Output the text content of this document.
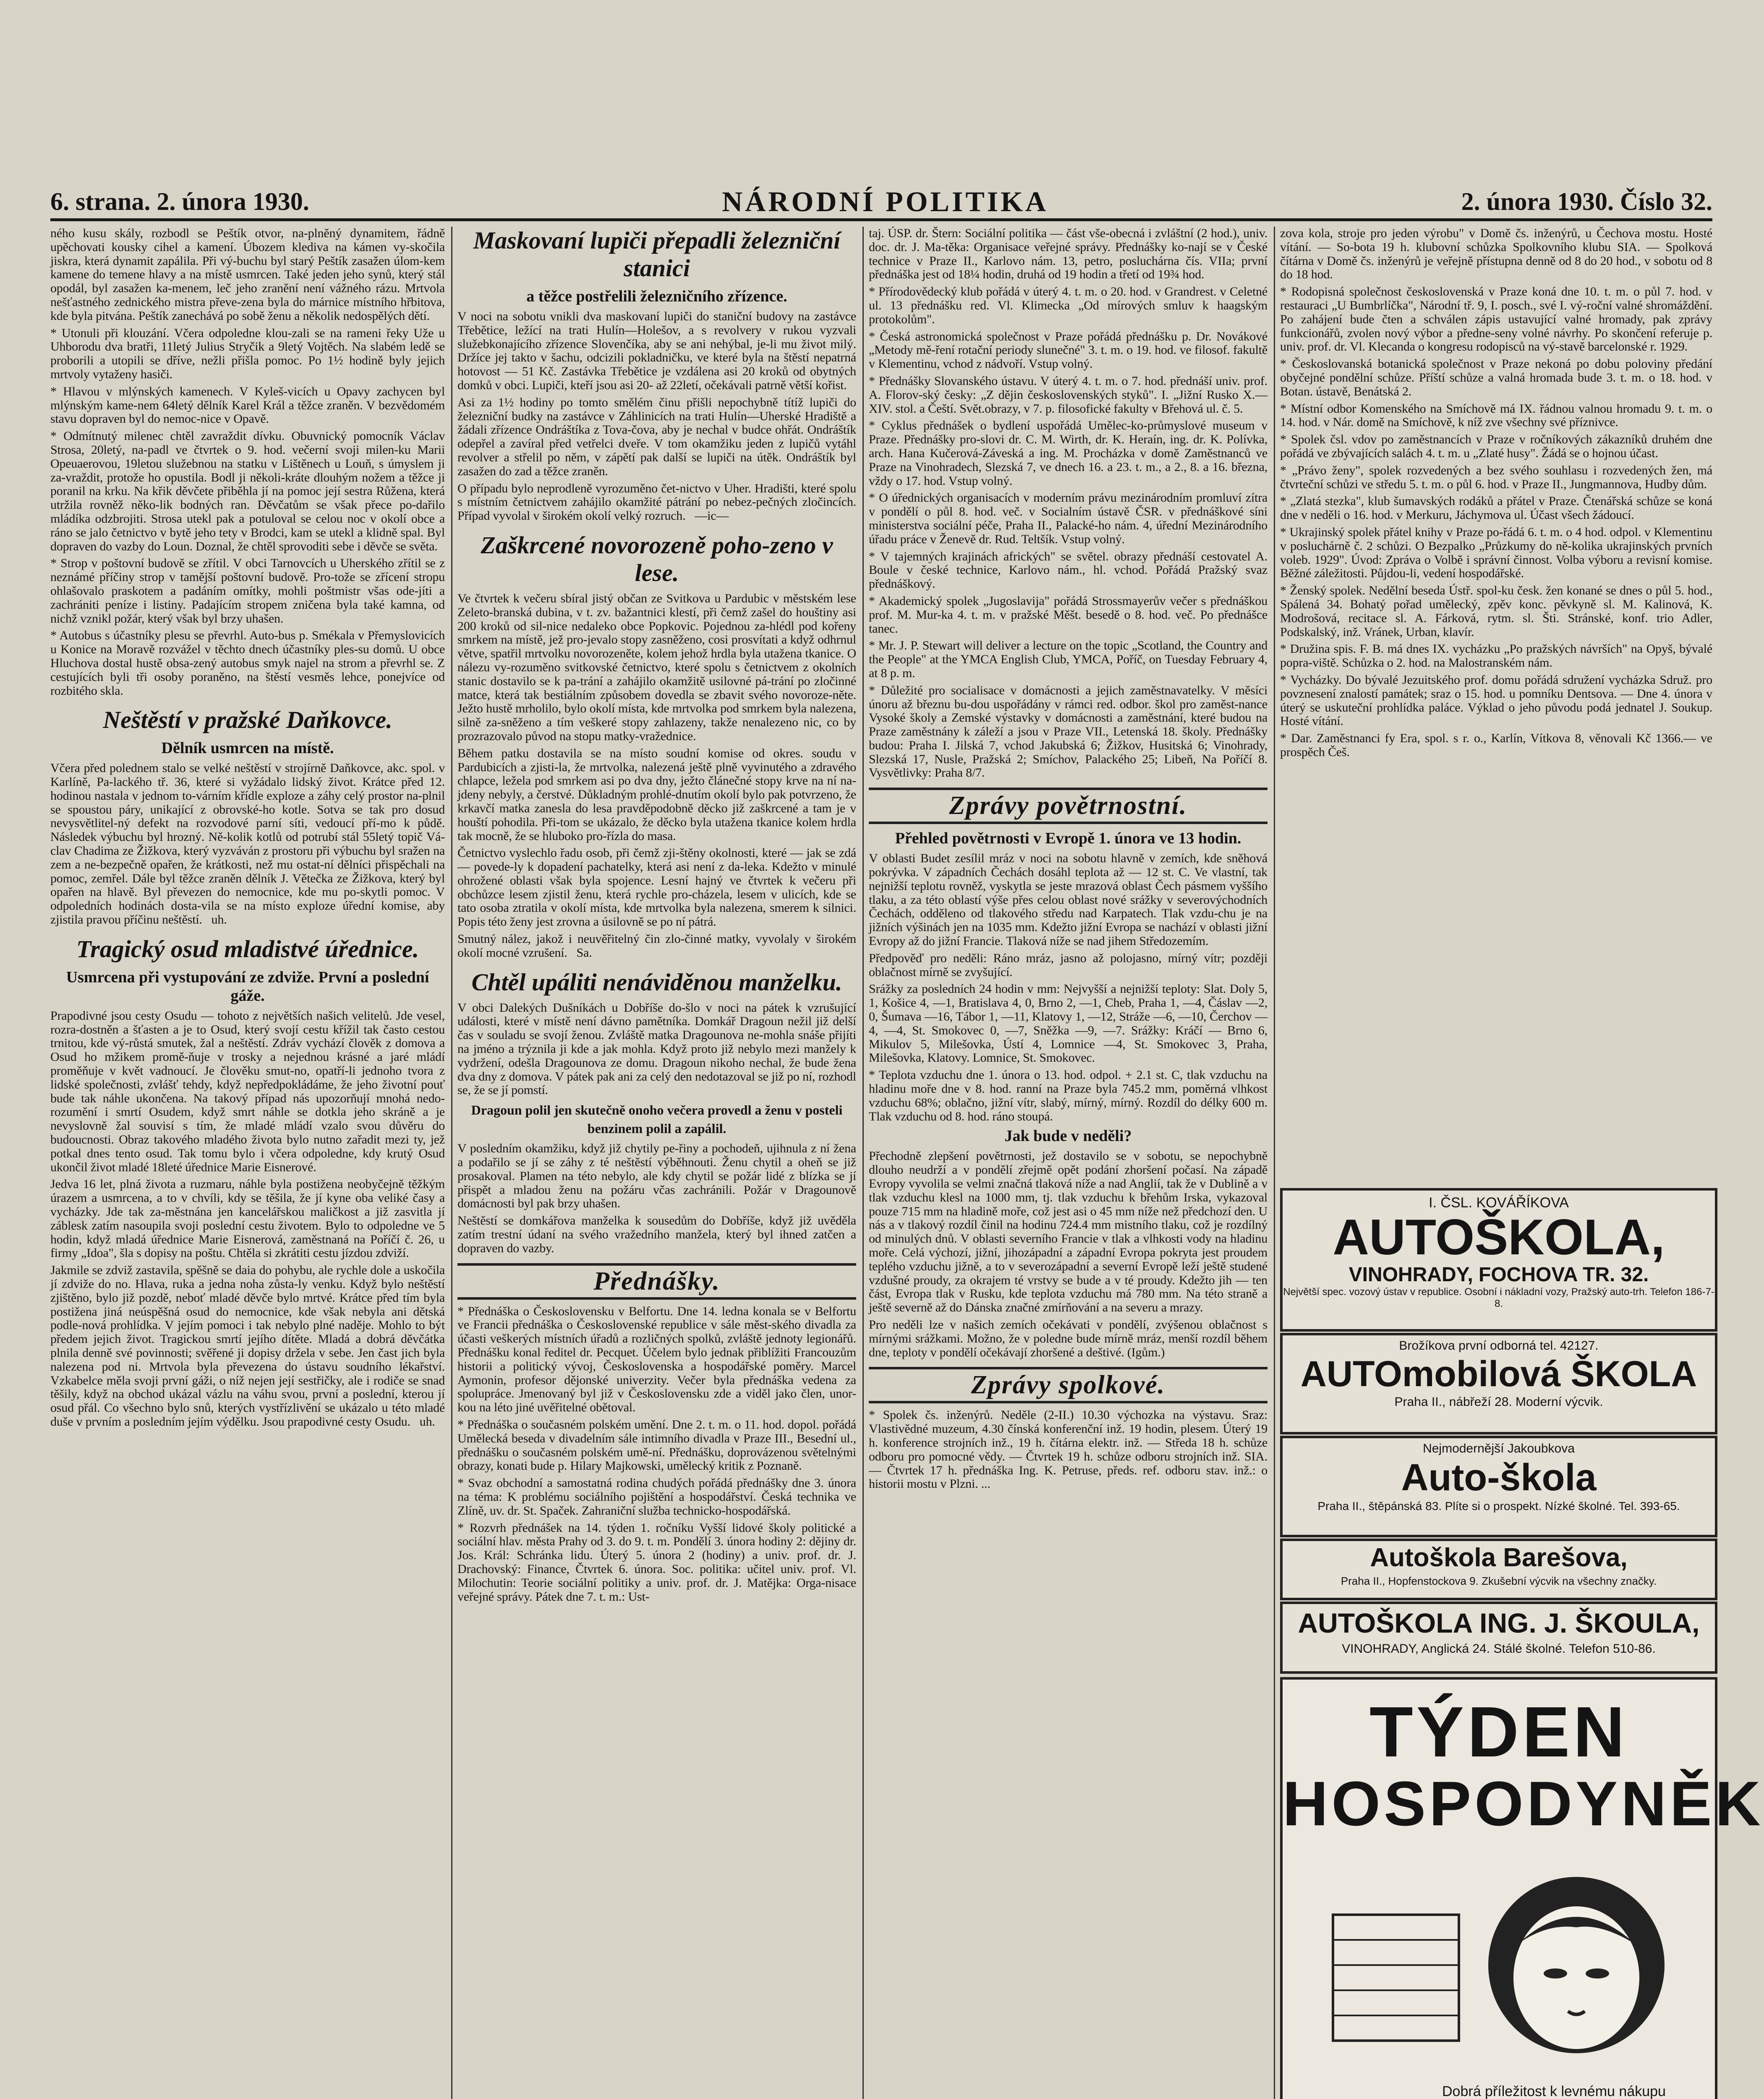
6. strana. 2. února 1930.	NÁRODNÍ POLITIKA	2. února 1930. Číslo 32.

ného kusu skály, rozbodl se Peštík otvor, na-plněný dynamitem, řádně upěchovati kousky cihel a kamení. Úbozem klediva na kámen vy-skočila jiskra, která dynamit zapálila. Při vý-buchu byl starý Peštík zasažen úlom-kem kamene do temene hlavy a na místě usmrcen. Také jeden jeho synů, který stál opodál, byl zasažen ka-menem, leč jeho zranění není vážného rázu. Mrtvola nešťastného zednického mistra převe-zena byla do márnice místního hřbitova, kde byla pitvána. Peštík zanechává po sobě ženu a několik nedospělých dětí.

* Utonuli při klouzání. Včera odpoledne klou-zali se na rameni řeky Uže u Uhborodu dva bratři, 11letý Julius Stryčik a 9letý Vojtěch. Na slabém ledě se proborili a utopili se dříve, nežli přišla pomoc. Po 1½ hodině byly jejich mrtvoly vytaženy hasiči.

* Hlavou v mlýnských kamenech. V Kyleš-vicích u Opavy zachycen byl mlýnským kame-nem 64letý dělník Karel Král a těžce zraněn. V bezvědomém stavu dopraven byl do nemoc-nice v Opavě.

* Odmítnutý milenec chtěl zavraždit dívku. Obuvnický pomocník Václav Strosa, 20letý, na-padl ve čtvrtek o 9. hod. večerní svoji milen-ku Marii Opeuaerovou, 19letou služebnou na statku v Lištěnech u Louň, s úmyslem ji za-vraždit, protože ho opustila. Bodl ji několi-kráte dlouhým nožem a těžce ji poranil na krku. Na křik děvčete přiběhla jí na pomoc její sestra Růžena, která utržila rovněž něko-lik bodných ran. Děvčatům se však přece po-dařilo mládíka odzbrojiti. Strosa utekl pak a potuloval se celou noc v okolí obce a ráno se jalo četnictvo v bytě jeho tety v Brodci, kam se utekl a klidně spal. Byl dopraven do vazby do Loun. Doznal, že chtěl sprovoditi sebe i děvče se světa.

* Strop v poštovní budově se zřítil. V obci Tarnovcích u Uherského zřítil se z neznámé příčiny strop v tamější poštovní budově. Pro-tože se zřícení stropu ohlašovalo praskotem a padáním omítky, mohli poštmistr všas ode-jíti a zachrániti peníze i listiny. Padajícím stropem zničena byla také kamna, od nichž vznikl požár, který však byl brzy uhašen.

* Autobus s účastníky plesu se převrhl. Auto-bus p. Smékala v Přemyslovicích u Konice na Moravě rozvážel v těchto dnech účastníky ples-su domů. U obce Hluchova dostal hustě obsa-zený autobus smyk najel na strom a převrhl se. Z cestujících byli tři osoby poraněno, na štěstí vesměs lehce, ponejvíce od rozbitého skla.

Neštěstí v pražské Daňkovce.
Dělník usmrcen na místě.

Včera před polednem stalo se velké neštěstí v strojírně Daňkovce, akc. spol. v Karlíně, Pa-lackého tř. 36, které si vyžádalo lidský život. Krátce před 12. hodinou nastala v jednom to-várním křídle exploze a záhy celý prostor na-plnil se spoustou páry, unikající z obrovské-ho kotle. Sotva se tak pro dosud nevysvětlitel-ný defekt na rozvodové parní síti, vedoucí pří-mo k půdě. Následek výbuchu byl hrozný. Ně-kolik kotlů od potrubí stál 55letý topič Vá-clav Chadima ze Žižkova, který vyzváván z prostoru při výbuchu byl sražen na zem a ne-bezpečně opařen, že krátkosti, než mu ostat-ní dělníci přispěchali na pomoc, zemřel. Dále byl těžce zraněn dělník J. Větečka ze Žižkova, který byl opařen na hlavě. Byl převezen do nemocnice, kde mu po-skytli pomoc. V odpoledních hodinách dosta-vila se na místo exploze úřední komise, aby zjistila pravou příčinu neštěstí.   uh.

Tragický osud mladistvé úřednice.
Usmrcena při vystupování ze zdviže. První a poslední gáže.

Prapodivné jsou cesty Osudu — tohoto z největších našich velitelů. Jde vesel, rozra-dostněn a šťasten a je to Osud, který svojí cestu křížil tak často cestou trnitou, kde vý-růstá smutek, žal a neštěstí. Zdráv vychází člověk z domova a Osud ho mžikem promě-ňuje v trosky a nejednou krásné a jaré mládí proměňuje v květ vadnoucí. Je člověku smut-no, opatří-li jednoho tvora z lidské společnosti, zvlášť tehdy, když nepředpokládáme, že jeho životní pouť bude tak náhle ukončena. Na takový případ nás upozorňují mnohá nedo-rozumění i smrtí Osudem, když smrt náhle se dotkla jeho skráně a je nevyslovně žal souvisí s tím, že mladé mládí vzalo svou důvěru do budoucnosti. Obraz takového mladého života bylo nutno zařadit mezi ty, jež potkal dnes tento osud. Tak tomu bylo i včera odpoledne, kdy krutý Osud ukončil život mladé 18leté úřednice Marie Eisnerové.

Jedva 16 let, plná života a ruzmaru, náhle byla postižena neobyčejně těžkým úrazem a usmrcena, a to v chvíli, kdy se těšila, že jí kyne oba veliké časy a vycházky. Jde tak za-městnána jen kancelářskou maličkost a již zasvitla jí záblesk zatím nasoupila svoji poslední cestu životem. Bylo to odpoledne ve 5 hodin, když mladá úřednice Marie Eisnerová, zaměstnaná na Poříčí č. 26, u firmy „Idoa", šla s dopisy na poštu. Chtěla si zkrátiti cestu jízdou zdviží.

Jakmile se zdviž zastavila, spěšně se daia do pohybu, ale rychle dole a uskočila jí zdviže do no. Hlava, ruka a jedna noha zůsta-ly venku. Když bylo neštěstí zjištěno, bylo již pozdě, neboť mladé děvče bylo mrtvé. Krátce před tím byla postižena jiná neúspěšná osud do nemocnice, kde však nebyla ani dětská podle-nová prohlídka. V jejím pomoci i tak nebylo plné naděje. Mohlo to být předem jejich život. Tragickou smrtí jejího dítěte. Mladá a dobrá děvčátka plnila denně své povinnosti; svěřené ji dopisy držela v sebe. Jen čast jich byla nalezena pod ni. Mrtvola byla převezena do ústavu soudního lékařství. Vzkabelce měla svoji první gáži, o níž nejen její sestřičky, ale i rodiče se snad těšily, když na obchod ukázal vázlu na váhu svou, první a poslední, kterou jí osud přál. Co všechno bylo snů, kterých vystřízlivění se ukázalo u této mladé duše v prvním a posledním jejím výdělku. Jsou prapodivné cesty Osudu.   uh.

Maskovaní lupiči přepadli železniční stanici
a těžce postřelili železničního zřízence.

V noci na sobotu vnikli dva maskovaní lupiči do staniční budovy na zastávce Třebětice, ležící na trati Hulín—Holešov, a s revolvery v rukou vyzvali služebkonajícího zřízence Slovenčíka, aby se ani nehýbal, je-li mu život milý. Držíce jej takto v šachu, odcizili pokladničku, ve které byla na štěstí nepatrná hotovost — 51 Kč. Zastávka Třebětice je vzdálena asi 20 kroků od obytných domků v obci. Lupiči, kteří jsou asi 20- až 22letí, očekávali patrně větší kořist.

Asi za 1½ hodiny po tomto smělém činu přišli nepochybně títíž lupiči do železniční budky na zastávce v Záhlinicích na trati Hulín—Uherské Hradiště a žádali zřízence Ondráštíka z Tova-čova, aby je nechal v budce ohřát. Ondráštík odepřel a zavíral před vetřelci dveře. V tom okamžiku jeden z lupičů vytáhl revolver a střelil po něm, v zápětí pak další se lupiči na útěk. Ondráštík byl zasažen do zad a těžce zraněn.

O případu bylo neprodleně vyrozuměno čet-nictvo v Uher. Hradišti, které spolu s místním četnictvem zahájilo okamžité pátrání po nebez-pečných zločincích. Případ vyvolal v širokém okolí velký rozruch.   —ic—

Zaškrcené novorozeně poho-zeno v lese.

Ve čtvrtek k večeru sbíral jistý občan ze Svitkova u Pardubic v městském lese Zeleto-branská dubina, v t. zv. bažantnici klestí, při čemž zašel do houštiny asi 200 kroků od sil-nice nedaleko obce Popkovic. Pojednou za-hlédl pod kořeny smrkem na místě, jež pro-jevalo stopy zasněženo, cosi prosvítati a když odhrnul větve, spatřil mrtvolku novorozeněte, kolem jehož hrdla byla utažena tkanice. O nálezu vy-rozuměno svitkovské četnictvo, které spolu s četnictvem z okolních stanic dostavilo se k pa-trání a zahájilo okamžitě usilovné pá-trání po zločinné matce, která tak bestiálním způsobem dovedla se zbavit svého novoroze-něte. Ježto hustě mrholilo, bylo okolí místa, kde mrtvolka pod smrkem byla nalezena, silně za-sněženo a tím veškeré stopy zahlazeny, takže nenalezeno nic, co by prozrazovalo původ na stopu matky-vražednice.

Během patku dostavila se na místo soudní komise od okres. soudu v Pardubicích a zjisti-la, že mrtvolka, nalezená ještě plně vyvinutého a zdravého chlapce, ležela pod smrkem asi po dva dny, ježto článečné stopy krve na ní na-jdeny nebyly, a čerstvé. Důkladným prohlé-dnutím okolí bylo pak potvrzeno, že krkavčí matka zanesla do lesa pravděpodobně děcko již zaškrcené a tam je v houští pohodila. Při-tom se ukázalo, že děcko byla utažena tkanice kolem hrdla tak mocně, že se hluboko pro-řízla do masa.

Četnictvo vyslechlo řadu osob, při čemž zji-štěny okolnosti, které — jak se zdá — povede-ly k dopadení pachatelky, která asi není z da-leka. Kdežto v minulé ohrožené oblasti však byla spojence. Lesní hajný ve čtvrtek k večeru při obchůzce lesem zjistil ženu, která rychle pro-cházela, lesem v ulicích, kde se tato osoba ztratila v okolí místa, kde mrtvolka byla nalezena, smerem k silnici. Popis této ženy jest zrovna a úsilovně se po ní pátrá.

Smutný nález, jakož i neuvěřitelný čin zlo-činné matky, vyvolaly v širokém okolí mocné vzrušení.   Sa.

Chtěl upáliti nenáviděnou manželku.

V obci Dalekých Dušníkách u Dobříše do-šlo v noci na pátek k vzrušující události, které v místě není dávno pamětníka. Domkář Dragoun nežil již delší čas v souladu se svojí ženou. Zvláště matka Dragounova ne-mohla snáše přijíti na jméno a trýznila ji kde a jak mohla. Když proto již nebylo mezi manžely k vydržení, odešla Dragounova ze domu. Dragoun nikoho nechal, že bude žena dva dny z domova. V pátek pak ani za celý den nedotazoval se již po ní, rozhodl se, že se jí pomstí.

Dragoun polil jen skutečně onoho večera provedl a ženu v posteli benzinem polil a zapálil.

V posledním okamžiku, když již chytily pe-řiny a pochodeň, ujihnula z ní žena a podařilo se jí se záhy z té neštěstí výběhnouti. Ženu chytil a oheň se již prosakoval. Plamen na této nebylo, ale kdy chytil se požár lidé z blízka se jí přispět a mladou ženu na požáru včas zachránili. Požár v Dragounově domácnosti byl pak brzy uhašen.

Neštěstí se domkářova manželka k sousedům do Dobříše, když již uvěděla zatím trestní údaní na svého vražedního manžela, který byl ihned zatčen a dopraven do vazby.

Přednášky.

* Přednáška o Československu v Belfortu. Dne 14. ledna konala se v Belfortu ve Francii přednáška o Československé republice v sále měst-ského divadla za účasti veškerých místních úřadů a rozličných spolků, zvláště jednoty legionářů. Přednášku konal ředitel dr. Pecquet. Účelem bylo jednak přiblížiti Francouzům historii a politický vývoj, Československa a hospodářské poměry. Marcel Aymonin, profesor dějonské univerzity. Večer byla přednáška vedena za spolupráce. Jmenovaný byl již v Československu zde a viděl jako člen, unor-kou na léto jiné uvěřitelné obětoval.

* Přednáška o současném polském umění. Dne 2. t. m. o 11. hod. dopol. pořádá Umělecká beseda v divadelním sále intimního divadla v Praze III., Besední ul., přednášku o současném polském umě-ní. Přednášku, doprovázenou světelnými obrazy, konati bude p. Hilary Majkowski, umělecký kritik z Poznaně.

* Svaz obchodní a samostatná rodina chudých pořádá přednášky dne 3. února na téma: K problému sociálního pojištění a hospodářství. Česká technika ve Zlíně, uv. dr. St. Spaček. Zahraniční služba technicko-hospodářská.

* Rozvrh přednášek na 14. týden 1. ročníku Vyšší lidové školy politické a sociální hlav. města Prahy od 3. do 9. t. m. Pondělí 3. února hodiny 2: dějiny dr. Jos. Král: Schránka lidu. Úterý 5. února 2 (hodiny) a univ. prof. dr. J. Drachovský: Finance, Čtvrtek 6. února. Soc. politika: učitel univ. prof. Vl. Milochutin: Teorie sociální politiky a univ. prof. dr. J. Matějka: Orga-nisace veřejné správy. Pátek dne 7. t. m.: Ust-

taj. ÚSP. dr. Štern: Sociální politika — část vše-obecná i zvláštní (2 hod.), univ. doc. dr. J. Ma-těka: Organisace veřejné správy. Přednášky ko-nají se v České technice v Praze II., Karlovo nám. 13, petro, posluchárna čís. VIIa; první přednáška jest od 18¼ hodin, druhá od 19 hodin a třetí od 19¾ hod.

* Přírodovědecký klub pořádá v úterý 4. t. m. o 20. hod. v Grandrest. v Celetné ul. 13 přednášku red. Vl. Klimecka „Od mírových smluv k haagským protokolům".

* Česká astronomická společnost v Praze pořádá přednášku p. Dr. Novákové „Metody mě-ření rotační periody slunečné" 3. t. m. o 19. hod. ve filosof. fakultě v Klementinu, vchod z nádvoří. Vstup volný.

* Přednášky Slovanského ústavu. V úterý 4. t. m. o 7. hod. přednáší univ. prof. A. Florov-ský česky: „Z dějin československých styků". I. „Jižní Rusko X.—XIV. stol. a Čeští. Svět.obrazy, v 7. p. filosofické fakulty v Břehová ul. č. 5.

* Cyklus přednášek o bydlení uspořádá Umělec-ko-průmyslové museum v Praze. Přednášky pro-slovi dr. C. M. Wirth, dr. K. Heraín, ing. dr. K. Polívka, arch. Hana Kučerová-Záveská a ing. M. Procházka v domě Zaměstnanců ve Praze na Vinohradech, Slezská 7, ve dnech 16. a 23. t. m., a 2., 8. a 16. března, vždy o 17. hod. Vstup volný.

* O úřednických organisacích v moderním právu mezinárodním promluví zítra v pondělí o půl 8. hod. več. v Socialním ústavě ČSR. v přednáškové síni ministerstva sociální péče, Praha II., Palacké-ho nám. 4, úřední Mezinárodního úřadu práce v Ženevě dr. Rud. Teltšík. Vstup volný.

* V tajemných krajinách afrických" se světel. obrazy přednáší cestovatel A. Boule v české technice, Karlovo nám., hl. vchod. Pořádá Pražský svaz přednáškový.

* Akademický spolek „Jugoslavija" pořádá Strossmayerův večer s přednáškou prof. M. Mur-ka 4. t. m. v pražské Měšt. besedě o 8. hod. več. Po přednášce tanec.

* Mr. J. P. Stewart will deliver a lecture on the topic „Scotland, the Country and the People" at the YMCA English Club, YMCA, Poříč, on Tuesday February 4, at 8 p. m.

* Důležité pro socialisace v domácnosti a jejich zaměstnavatelky. V měsíci únoru až březnu bu-dou uspořádány v rámci red. odbor. škol pro zaměst-nance Vysoké školy a Zemské výstavky v domácnosti a zaměstnání, které budou na Praze zaměstnány k záleží a jsou v Praze VII., Letenská 18. školy. Přednášky budou: Praha I. Jilská 7, vchod Jakubská 6; Žižkov, Husitská 6; Vinohrady, Slezská 17, Nusle, Pražská 2; Smíchov, Palackého 25; Libeň, Na Poříčí 8. Vysvětlivky: Praha 8/7.

Zprávy povětrnostní.
Přehled povětrnosti v Evropě 1. února ve 13 hodin.

V oblasti Budet zesílil mráz v noci na sobotu hlavně v zemích, kde sněhová pokrývka. V západních Čechách dosáhl teplota až — 12 st. C. Ve vlastní, tak nejnižší teplotu rovněž, vyskytla se jeste mrazová oblast Čech pásmem vyššího tlaku, a za této oblastí výše přes celou oblast nové srážky v severovýchodních Čechách, odděleno od tlakového středu nad Karpatech. Tlak vzdu-chu je na jižních výšinách jen na 1035 mm. Kdežto jižní Evropa se nachází v oblasti jižní Evropy až do jižní Francie. Tlaková níže se nad jihem Středozemím.

Předpověď pro neděli: Ráno mráz, jasno až polojasno, mírný vítr; později oblačnost mírně se zvyšující.

Srážky za posledních 24 hodin v mm: Nejvyšší a nejnižší teploty: Slat. Doly 5, 1, Košice 4, —1, Bratislava 4, 0, Brno 2, —1, Cheb, Praha 1, —4, Čáslav —2, 0, Šumava —16, Tábor 1, —11, Klatovy 1, —12, Stráže —6, —10, Čerchov —4, —4, St. Smokovec 0, —7, Sněžka —9, —7. Srážky: Kráčí — Brno 6, Mikulov 5, Milešovka, Ústí 4, Lomnice —4, St. Smokovec 3, Praha, Milešovka, Klatovy. Lomnice, St. Smokovec.

* Teplota vzduchu dne 1. února o 13. hod. odpol. + 2.1 st. C, tlak vzduchu na hladinu moře dne v 8. hod. ranní na Praze byla 745.2 mm, poměrná vlhkost vzduchu 68%; oblačno, jižní vítr, slabý, mírný, mírný. Rozdíl do délky 600 m. Tlak vzduchu od 8. hod. ráno stoupá.

Jak bude v neděli?

Přechodně zlepšení povětrnosti, jež dostavilo se v sobotu, se nepochybně dlouho neudrží a v pondělí zřejmě opět podání zhoršení počasí. Na západě Evropy vyvolila se velmi značná tlaková níže a nad Anglií, tak že v Dublině a v tlak vzduchu klesl na 1000 mm, tj. tlak vzduchu k břehům Irska, vykazoval pouze 715 mm na hladině moře, což jest asi o 45 mm níže než předchozí den. U nás a v tlakový rozdíl činil na hodinu 724.4 mm mistního tlaku, což je rozdílný od minulých dnů. V oblasti severního Francie v tlak a vlhkosti vody na hladinu moře. Celá výchozí, jižní, jihozápadní a západní Evropa pokryta jest proudem teplého vzduchu jižně, a to v severozápadní a severní Evropě leží ještě studené vzdušné proudy, za okrajem té vrstvy se bude a v té proudy. Kdežto jih — ten část, Evropa tlak v Rusku, kde teplota vzduchu má 780 mm. Na této straně a ještě severně až do Dánska značné zmírňování a na severu a mrazy.

Pro neděli lze v našich zemích očekávati v pondělí, zvýšenou oblačnost s mírnými srážkami. Možno, že v poledne bude mírně mráz, menší rozdíl během dne, teploty v pondělí očekávají zhoršené a deštivé. (Igům.)

Zprávy spolkové.

* Spolek čs. inženýrů. Neděle (2-II.) 10.30 výchozka na výstavu. Sraz: Vlastivědné muzeum, 4.30 čínská konferenční inž. 19 hodin, plesem. Úterý 19 h. konference strojních inž., 19 h. čítárna elektr. inž. — Středa 18 h. schůze odboru pro pomocné vědy. — Čtvrtek 19 h. schůze odboru strojních inž. SIA. — Čtvrtek 17 h. přednáška Ing. K. Petruse, předs. ref. odboru stav. inž.: o historii mostu v Plzni. ...

zova kola, stroje pro jeden výrobu" v Domě čs. inženýrů, u Čechova mostu. Hosté vítání. — So-bota 19 h. klubovní schůzka Spolkovního klubu SIA. — Spolková čítárna v Domě čs. inženýrů je veřejně přístupna denně od 8 do 20 hod., v sobotu od 8 do 18 hod.

* Rodopisná společnost československá v Praze koná dne 10. t. m. o půl 7. hod. v restauraci „U Bumbrlíčka", Národní tř. 9, I. posch., své I. vý-roční valné shromáždění. Po zahájení bude čten a schválen zápis ustavující valné hromady, pak zprávy funkcionářů, zvolen nový výbor a předne-seny volné návrhy. Po skončení referuje p. univ. prof. dr. Vl. Klecanda o kongresu rodopisců na vý-stavě barcelonské r. 1929.

* Českoslovanská botanická společnost v Praze nekoná po dobu poloviny předání obyčejné pondělní schůze. Příští schůze a valná hromada bude 3. t. m. o 18. hod. v Botan. ústavě, Benátská 2.

* Místní odbor Komenského na Smíchově má IX. řádnou valnou hromadu 9. t. m. o 14. hod. v Nár. domě na Smíchově, k níž zve všechny své příznivce.

* Spolek čsl. vdov po zaměstnancích v Praze v ročníkových zákazníků druhém dne pořádá ve zbývajících salách 4. t. m. u „Zlaté husy". Žádá se o hojnou účast.

* „Právo ženy", spolek rozvedených a bez svého souhlasu i rozvedených žen, má čtvrteční schůzi ve středu 5. t. m. o půl 6. hod. v Praze II., Jungmannova, Hudby dům.

* „Zlatá stezka", klub šumavských rodáků a přátel v Praze. Čtenářská schůze se koná dne v neděli o 16. hod. v Merkuru, Jáchymova ul. Účast všech žádoucí.

* Ukrajinský spolek přátel knihy v Praze po-řádá 6. t. m. o 4 hod. odpol. v Klementinu v posluchárně č. 2 schůzi. O Bezpalko „Průzkumy do ně-kolika ukrajinských prvních voleb. 1929". Úvod: Zpráva o Volbě i správní činnost. Volba výboru a revisní komise. Běžné záležitosti. Půjdou-li, vedení hospodářské.

* Ženský spolek. Nedělní beseda Ústř. spol-ku česk. žen konané se dnes o půl 5. hod., Spálená 34. Bohatý pořad umělecký, zpěv konc. pěvkyně sl. M. Kalinová, K. Modrošová, recitace sl. A. Fárková, rytm. sl. Šti. Stránské, konf. trio Adler, Podskalský, inž. Vránek, Urban, klavír.

* Družina spis. F. B. má dnes IX. vycházku „Po pražských návrších" na Opyš, bývalé popra-viště. Schůzka o 2. hod. na Malostranském nám.

* Vycházky. Do bývalé Jezuitského prof. domu pořádá sdružení vycházka Sdruž. pro povznesení znalostí památek; sraz o 15. hod. u pomníku Dentsova. — Dne 4. února v úterý se uskuteční prohlídka paláce. Výklad o jeho původu podá jednatel J. Soukup. Hosté vítání.

* Dar. Zaměstnanci fy Era, spol. s r. o., Karlín, Vítkova 8, věnovali Kč 1366.— ve prospěch Češ.

I. ČSL. KOVÁŘÍKOVA
AUTOŠKOLA,
VINOHRADY, FOCHOVA TR. 32.
Největší spec. vozový ústav v republice. Osobní i nákladní vozy, Pražský auto-trh. Telefon 186-7-8.
Brožíkova první odborná tel. 42127.
AUTOmobilová ŠKOLA
Praha II., nábřeží 28. Moderní výcvik.
Nejmodernější Jakoubkova
Auto-škola
Praha II., štěpánská 83. Plíte si o prospekt. Nízké školné. Tel. 393-65.
Autoškola Barešova,
Praha II., Hopfenstockova 9. Zkušební výcvik na všechny značky.
AUTOŠKOLA ING. J. ŠKOULA,
VINOHRADY, Anglická 24. Stálé školné. Telefon 510-86.
TÝDEN
HOSPODYNĚK
Dobrá příležitost k levnému nákupu
